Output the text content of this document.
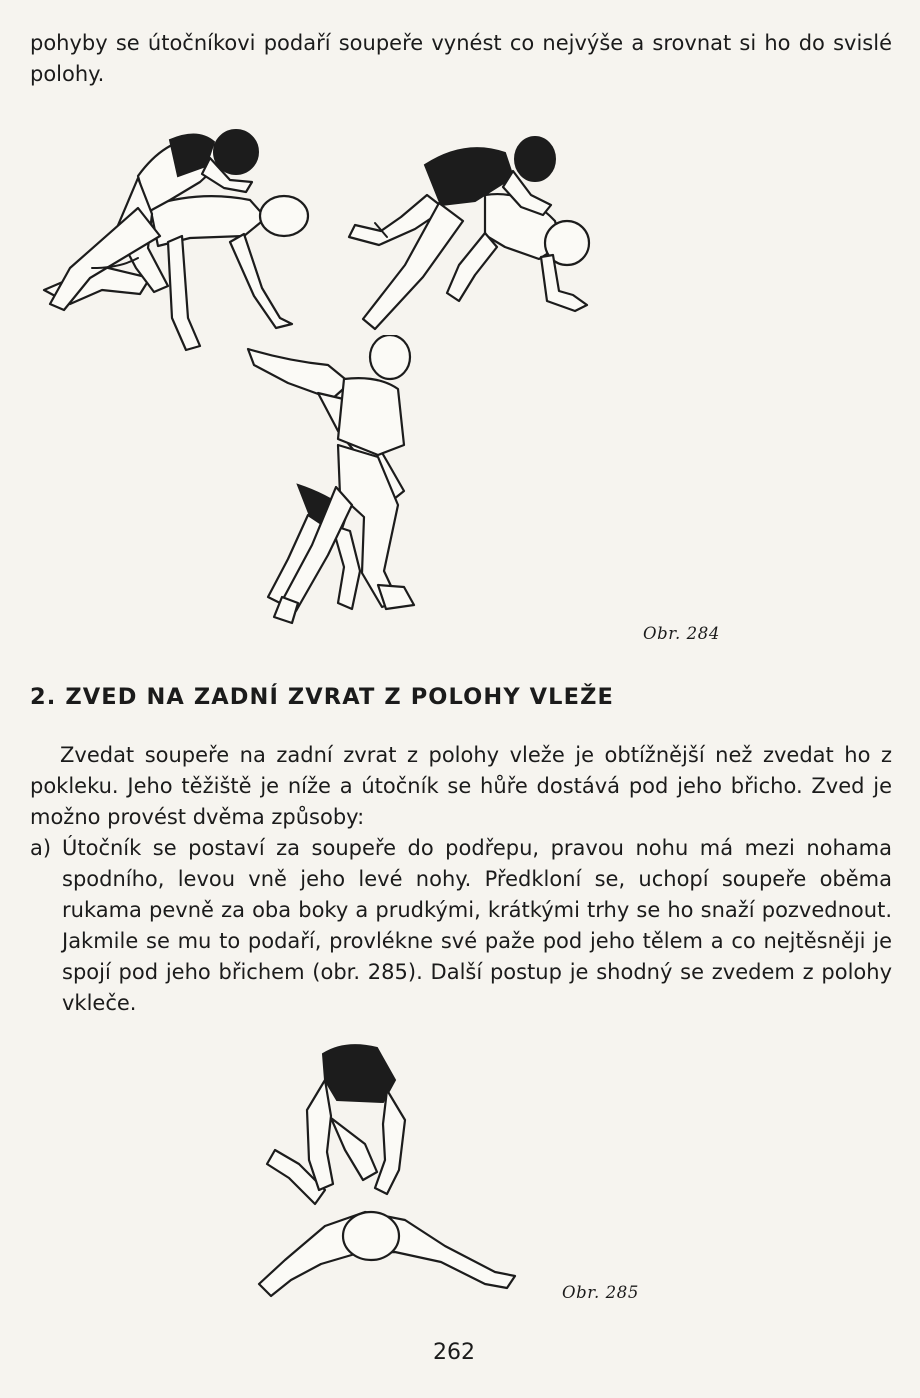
pohyby se útočníkovi podaří soupeře vynést co nejvýše a srovnat si ho do svislé polohy.

Obr. 284
2. ZVED NA ZADNÍ ZVRAT Z POLOHY VLEŽE

Zvedat soupeře na zadní zvrat z polohy vleže je obtížnější než zvedat ho z pokleku. Jeho těžiště je níže a útočník se hůře dostává pod jeho břicho. Zved je možno provést dvěma způsoby:

a) Útočník se postaví za soupeře do podřepu, pravou nohu má mezi nohama spodního, levou vně jeho levé nohy. Předkloní se, uchopí soupeře oběma rukama pevně za oba boky a prudkými, krátkými trhy se ho snaží pozvednout. Jakmile se mu to podaří, provlékne své paže pod jeho tělem a co nejtěsněji je spojí pod jeho břichem (obr. 285). Další postup je shodný se zvedem z polohy vkleče.
Obr. 285
262
